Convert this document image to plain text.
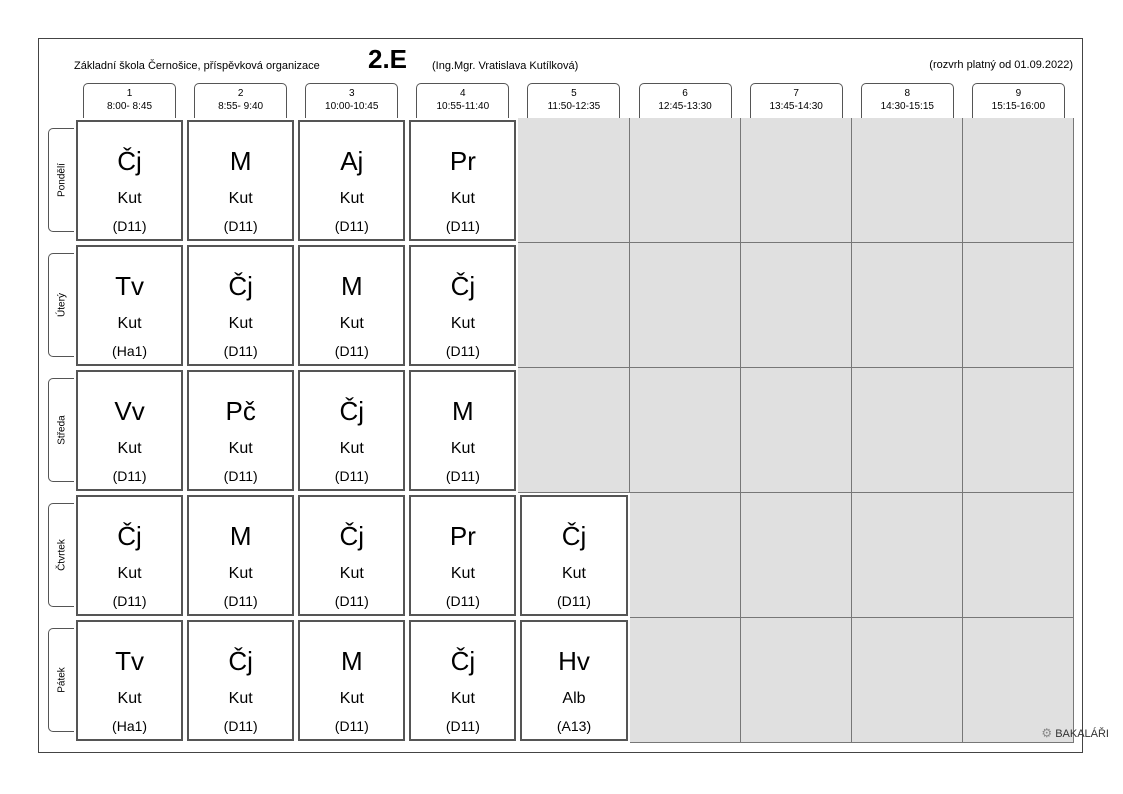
Základní škola Černošice, příspěvková organizace 2.E (Ing.Mgr. Vratislava Kutílková)	(rozvrh platný od 01.09.2022)
1
8:00- 8:45
2
8:55- 9:40
3
10:00-10:45
4
10:55-11:40
5
11:50-12:35
6
12:45-13:30
7
13:45-14:30
8
14:30-15:15
9
15:15-16:00
Pondělí
Úterý
Středa
Čtvrtek
Pátek
Čj
Kut
(D11)
M
Kut
(D11)
Aj
Kut
(D11)
Pr
Kut
(D11)
Tv
Kut
(Ha1)
Čj
Kut
(D11)
M
Kut
(D11)
Čj
Kut
(D11)
Vv
Kut
(D11)
Pč
Kut
(D11)
Čj
Kut
(D11)
M
Kut
(D11)
Čj
Kut
(D11)
M
Kut
(D11)
Čj
Kut
(D11)
Pr
Kut
(D11)
Čj
Kut
(D11)
Tv
Kut
(Ha1)
Čj
Kut
(D11)
M
Kut
(D11)
Čj
Kut
(D11)
Hv
Alb
(A13)	⚙ BAKALÁŘI
